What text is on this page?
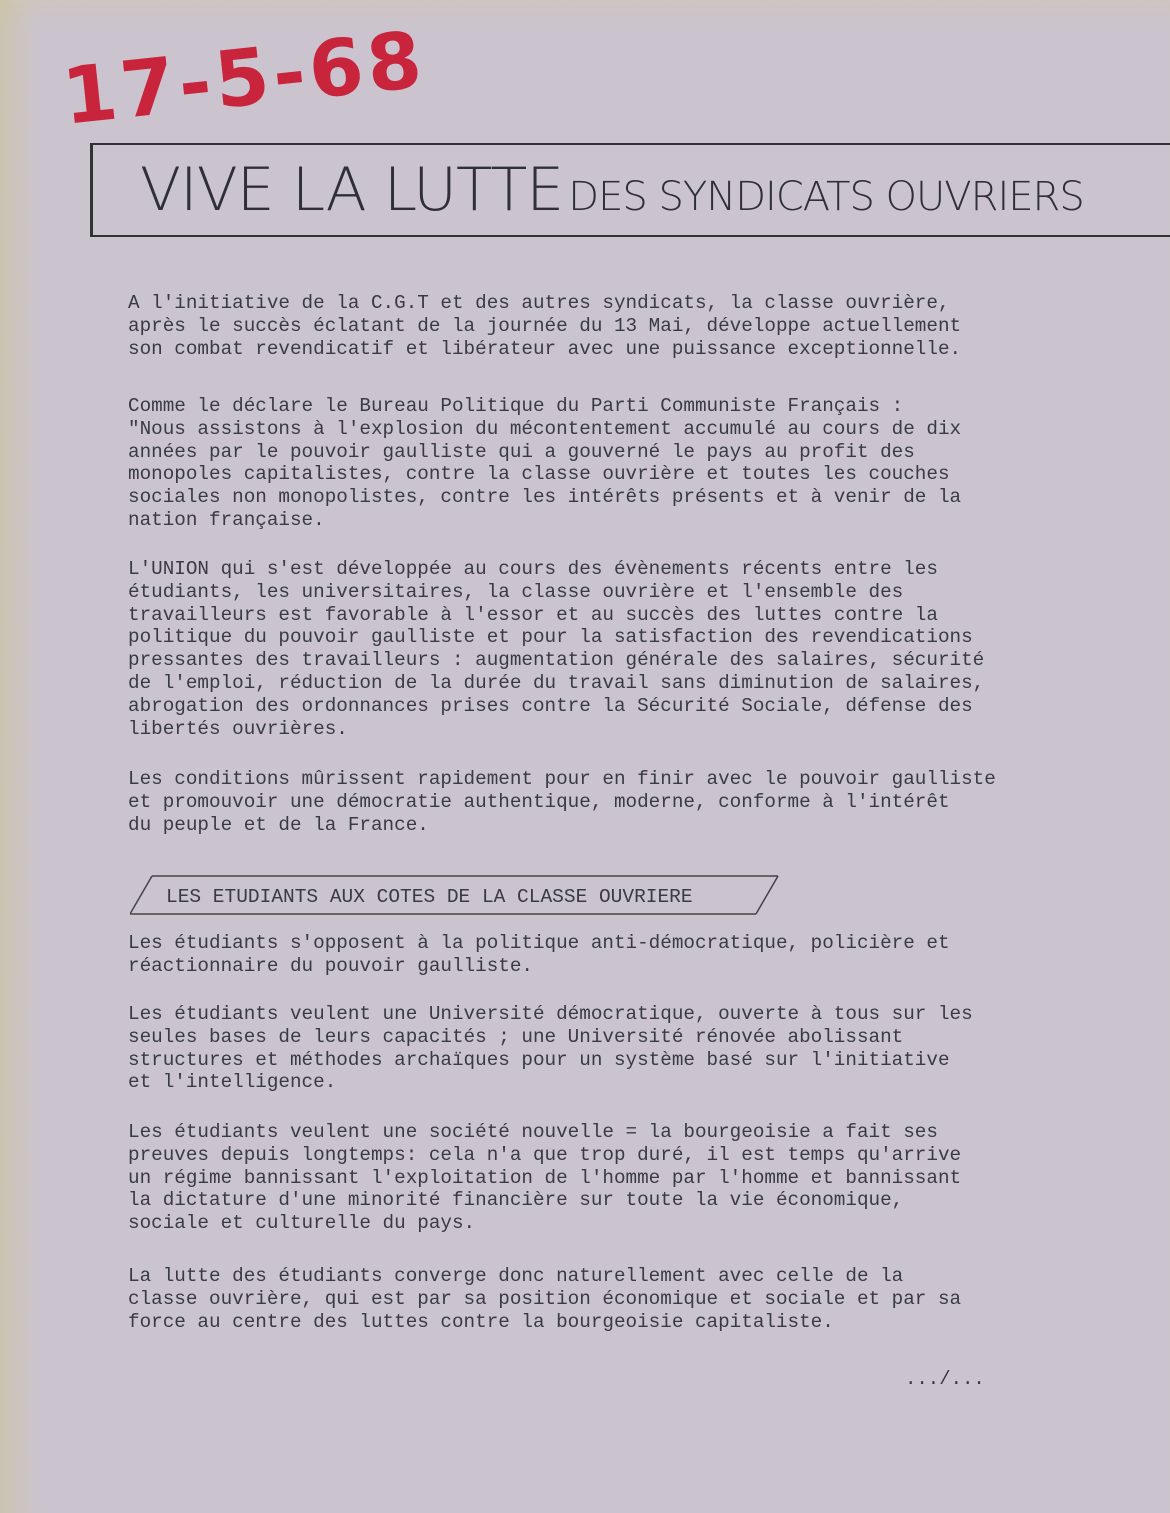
17-5-68
VIVE LA LUTTE DES SYNDICATS OUVRIERS

A l'initiative de la C.G.T et des autres syndicats, la classe ouvrière,
après le succès éclatant de la journée du 13 Mai, développe actuellement
son combat revendicatif et libérateur avec une puissance exceptionnelle.

Comme le déclare le Bureau Politique du Parti Communiste Français :
"Nous assistons à l'explosion du mécontentement accumulé au cours de dix
années par le pouvoir gaulliste qui a gouverné le pays au profit des
monopoles capitalistes, contre la classe ouvrière et toutes les couches
sociales non monopolistes, contre les intérêts présents et à venir de la
nation française.

L'UNION qui s'est développée au cours des évènements récents entre les
étudiants, les universitaires, la classe ouvrière et l'ensemble des
travailleurs est favorable à l'essor et au succès des luttes contre la
politique du pouvoir gaulliste et pour la satisfaction des revendications
pressantes des travailleurs : augmentation générale des salaires, sécurité
de l'emploi, réduction de la durée du travail sans diminution de salaires,
abrogation des ordonnances prises contre la Sécurité Sociale, défense des
libertés ouvrières.

Les conditions mûrissent rapidement pour en finir avec le pouvoir gaulliste
et promouvoir une démocratie authentique, moderne, conforme à l'intérêt
du peuple et de la France.

LES ETUDIANTS AUX COTES DE LA CLASSE OUVRIERE

Les étudiants s'opposent à la politique anti-démocratique, policière et
réactionnaire du pouvoir gaulliste.

Les étudiants veulent une Université démocratique, ouverte à tous sur les
seules bases de leurs capacités ; une Université rénovée abolissant
structures et méthodes archaïques pour un système basé sur l'initiative
et l'intelligence.

Les étudiants veulent une société nouvelle = la bourgeoisie a fait ses
preuves depuis longtemps: cela n'a que trop duré, il est temps qu'arrive
un régime bannissant l'exploitation de l'homme par l'homme et bannissant
la dictature d'une minorité financière sur toute la vie économique,
sociale et culturelle du pays.

La lutte des étudiants converge donc naturellement avec celle de la
classe ouvrière, qui est par sa position économique et sociale et par sa
force au centre des luttes contre la bourgeoisie capitaliste.

.../...
